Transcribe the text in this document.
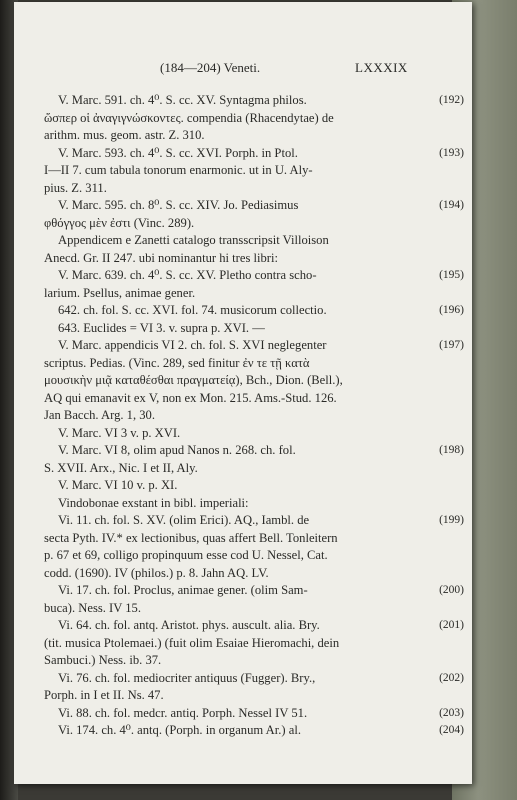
(184—204) Veneti.	LXXXIX
V. Marc. 591. ch. 4⁰. S. cc. XV. Syntagma philos.	(192)
ὥσπερ οἱ ἀναγιγνώσκοντες. compendia (Rhacendytae) de
arithm. mus. geom. astr. Z. 310.
V. Marc. 593. ch. 4⁰. S. cc. XVI. Porph. in Ptol.	(193)
I—II 7. cum tabula tonorum enarmonic. ut in U. Aly-
pius. Z. 311.
V. Marc. 595. ch. 8⁰. S. cc. XIV. Jo. Pediasimus	(194)
φθόγγος μὲν ἐστι (Vinc. 289).
Appendicem e Zanetti catalogo transscripsit Villoison
Anecd. Gr. II 247. ubi nominantur hi tres libri:
V. Marc. 639. ch. 4⁰. S. cc. XV. Pletho contra scho-	(195)
larium. Psellus, animae gener.
642. ch. fol. S. cc. XVI. fol. 74. musicorum collectio.	(196)
643. Euclides = VI 3. v. supra p. XVI. —
V. Marc. appendicis VI 2. ch. fol. S. XVI neglegenter	(197)
scriptus. Pedias. (Vinc. 289, sed finitur ἐν τε τῇ κατὰ
μουσικὴν μιᾷ καταθέσθαι πραγματείᾳ), Bch., Dion. (Bell.),
AQ qui emanavit ex V, non ex Mon. 215. Ams.-Stud. 126.
Jan Bacch. Arg. 1, 30.
V. Marc. VI 3 v. p. XVI.
V. Marc. VI 8, olim apud Nanos n. 268. ch. fol.	(198)
S. XVII. Arx., Nic. I et II, Aly.
V. Marc. VI 10 v. p. XI.
Vindobonae exstant in bibl. imperiali:
Vi. 11. ch. fol. S. XV. (olim Erici). AQ., Iambl. de	(199)
secta Pyth. IV.* ex lectionibus, quas affert Bell. Tonleitern
p. 67 et 69, colligo propinquum esse cod U. Nessel, Cat.
codd. (1690). IV (philos.) p. 8. Jahn AQ. LV.
Vi. 17. ch. fol. Proclus, animae gener. (olim Sam-	(200)
buca). Ness. IV 15.
Vi. 64. ch. fol. antq. Aristot. phys. auscult. alia. Bry.	(201)
(tit. musica Ptolemaei.) (fuit olim Esaiae Hieromachi, dein
Sambuci.) Ness. ib. 37.
Vi. 76. ch. fol. mediocriter antiquus (Fugger). Bry.,	(202)
Porph. in I et II. Ns. 47.
Vi. 88. ch. fol. medcr. antiq. Porph. Nessel IV 51.	(203)
Vi. 174. ch. 4⁰. antq. (Porph. in organum Ar.) al.	(204)
